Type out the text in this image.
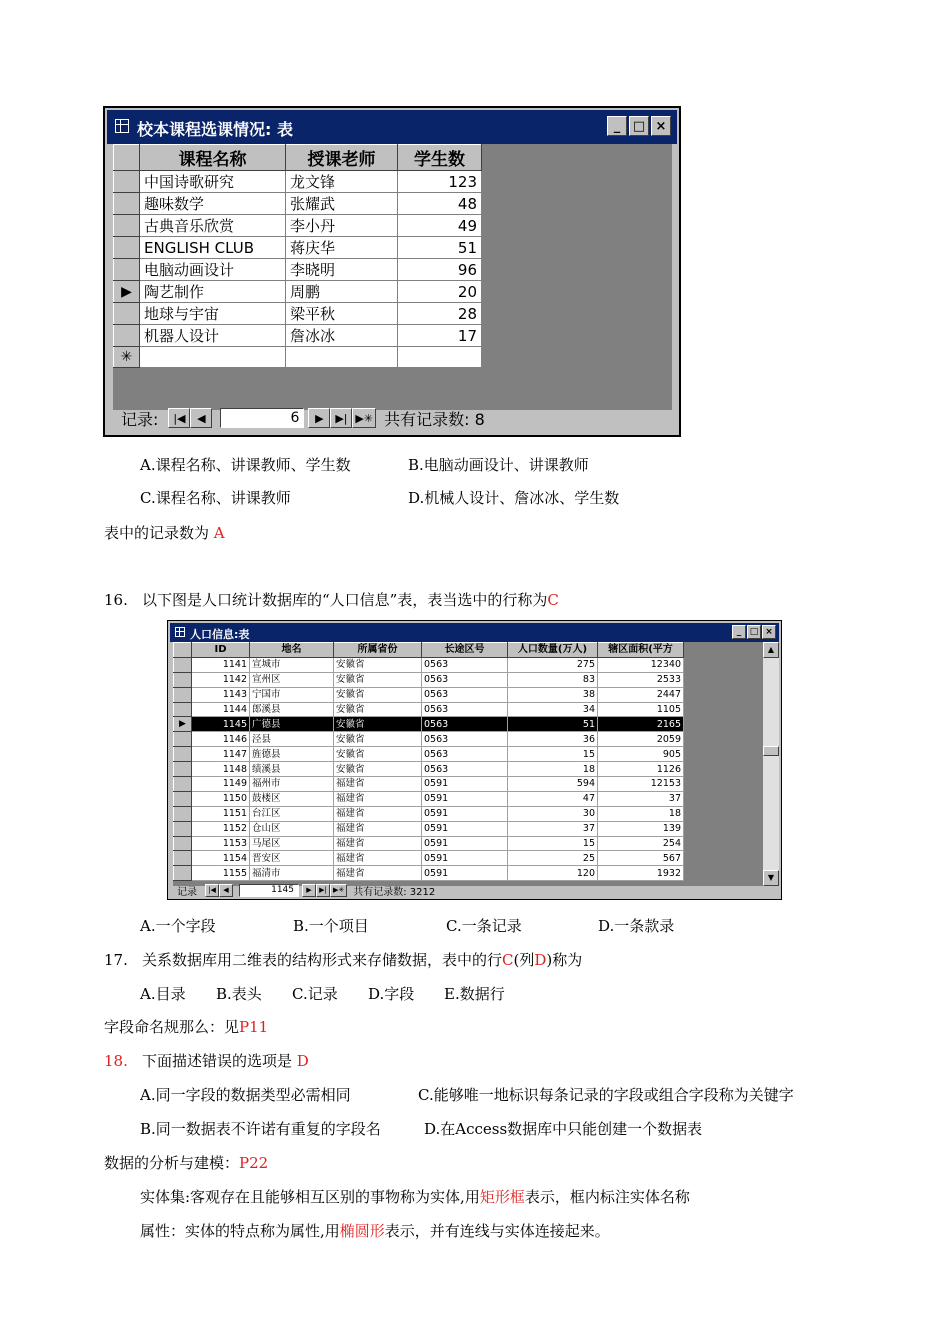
校本课程选课情况: 表	_ □ ×
	课程名称	授课老师	学生数
	中国诗歌研究	龙文锋	123
	趣味数学	张耀武	48
	古典音乐欣赏	李小丹	49
	ENGLISH CLUB	蒋庆华	51
	电脑动画设计	李晓明	96
▶	陶艺制作	周鹏	20
	地球与宇宙	梁平秋	28
	机器人设计	詹冰冰	17
✳			
记录:	|◀	◀	6	▶	▶| ▶✳ 共有记录数: 8
A.课程名称、讲课教师、学生数	B.电脑动画设计、讲课教师
C.课程名称、讲课教师	D.机械人设计、詹冰冰、学生数
表中的记录数为 A
16. 以下图是人口统计数据库的“人口信息”表，表当选中的行称为C
人口信息:表	_ □ ×
	ID	地名	所属省份	长途区号	人口数量(万人)	辖区面积(平方
	1141	宣城市	安徽省	0563	275	12340
	1142	宣州区	安徽省	0563	83	2533
	1143	宁国市	安徽省	0563	38	2447
	1144	郎溪县	安徽省	0563	34	1105
▶	1145	广德县	安徽省	0563	51	2165
	1146	泾县	安徽省	0563	36	2059
	1147	旌德县	安徽省	0563	15	905
	1148	绩溪县	安徽省	0563	18	1126
	1149	福州市	福建省	0591	594	12153
	1150	鼓楼区	福建省	0591	47	37
	1151	台江区	福建省	0591	30	18
	1152	仓山区	福建省	0591	37	139
	1153	马尾区	福建省	0591	15	254
	1154	晋安区	福建省	0591	25	567
	1155	福清市	福建省	0591	120	1932
▲
▼
记录	|◀	◀	1145	▶	▶| ▶✳ 共有记录数: 3212
A.一个字段	B.一个项目	C.一条记录	D.一条款录
17. 关系数据库用二维表的结构形式来存储数据，表中的行C(列D)称为
A.目录 B.表头 C.记录 D.字段 E.数据行
字段命名规那么：见P11
18. 下面描述错误的选项是 D
A.同一字段的数据类型必需相同	C.能够唯一地标识每条记录的字段或组合字段称为关键字
B.同一数据表不许诺有重复的字段名	D.在Access数据库中只能创建一个数据表
数据的分析与建模：P22
实体集:客观存在且能够相互区别的事物称为实体,用矩形框表示，框内标注实体名称
属性：实体的特点称为属性,用椭圆形表示，并有连线与实体连接起来。
